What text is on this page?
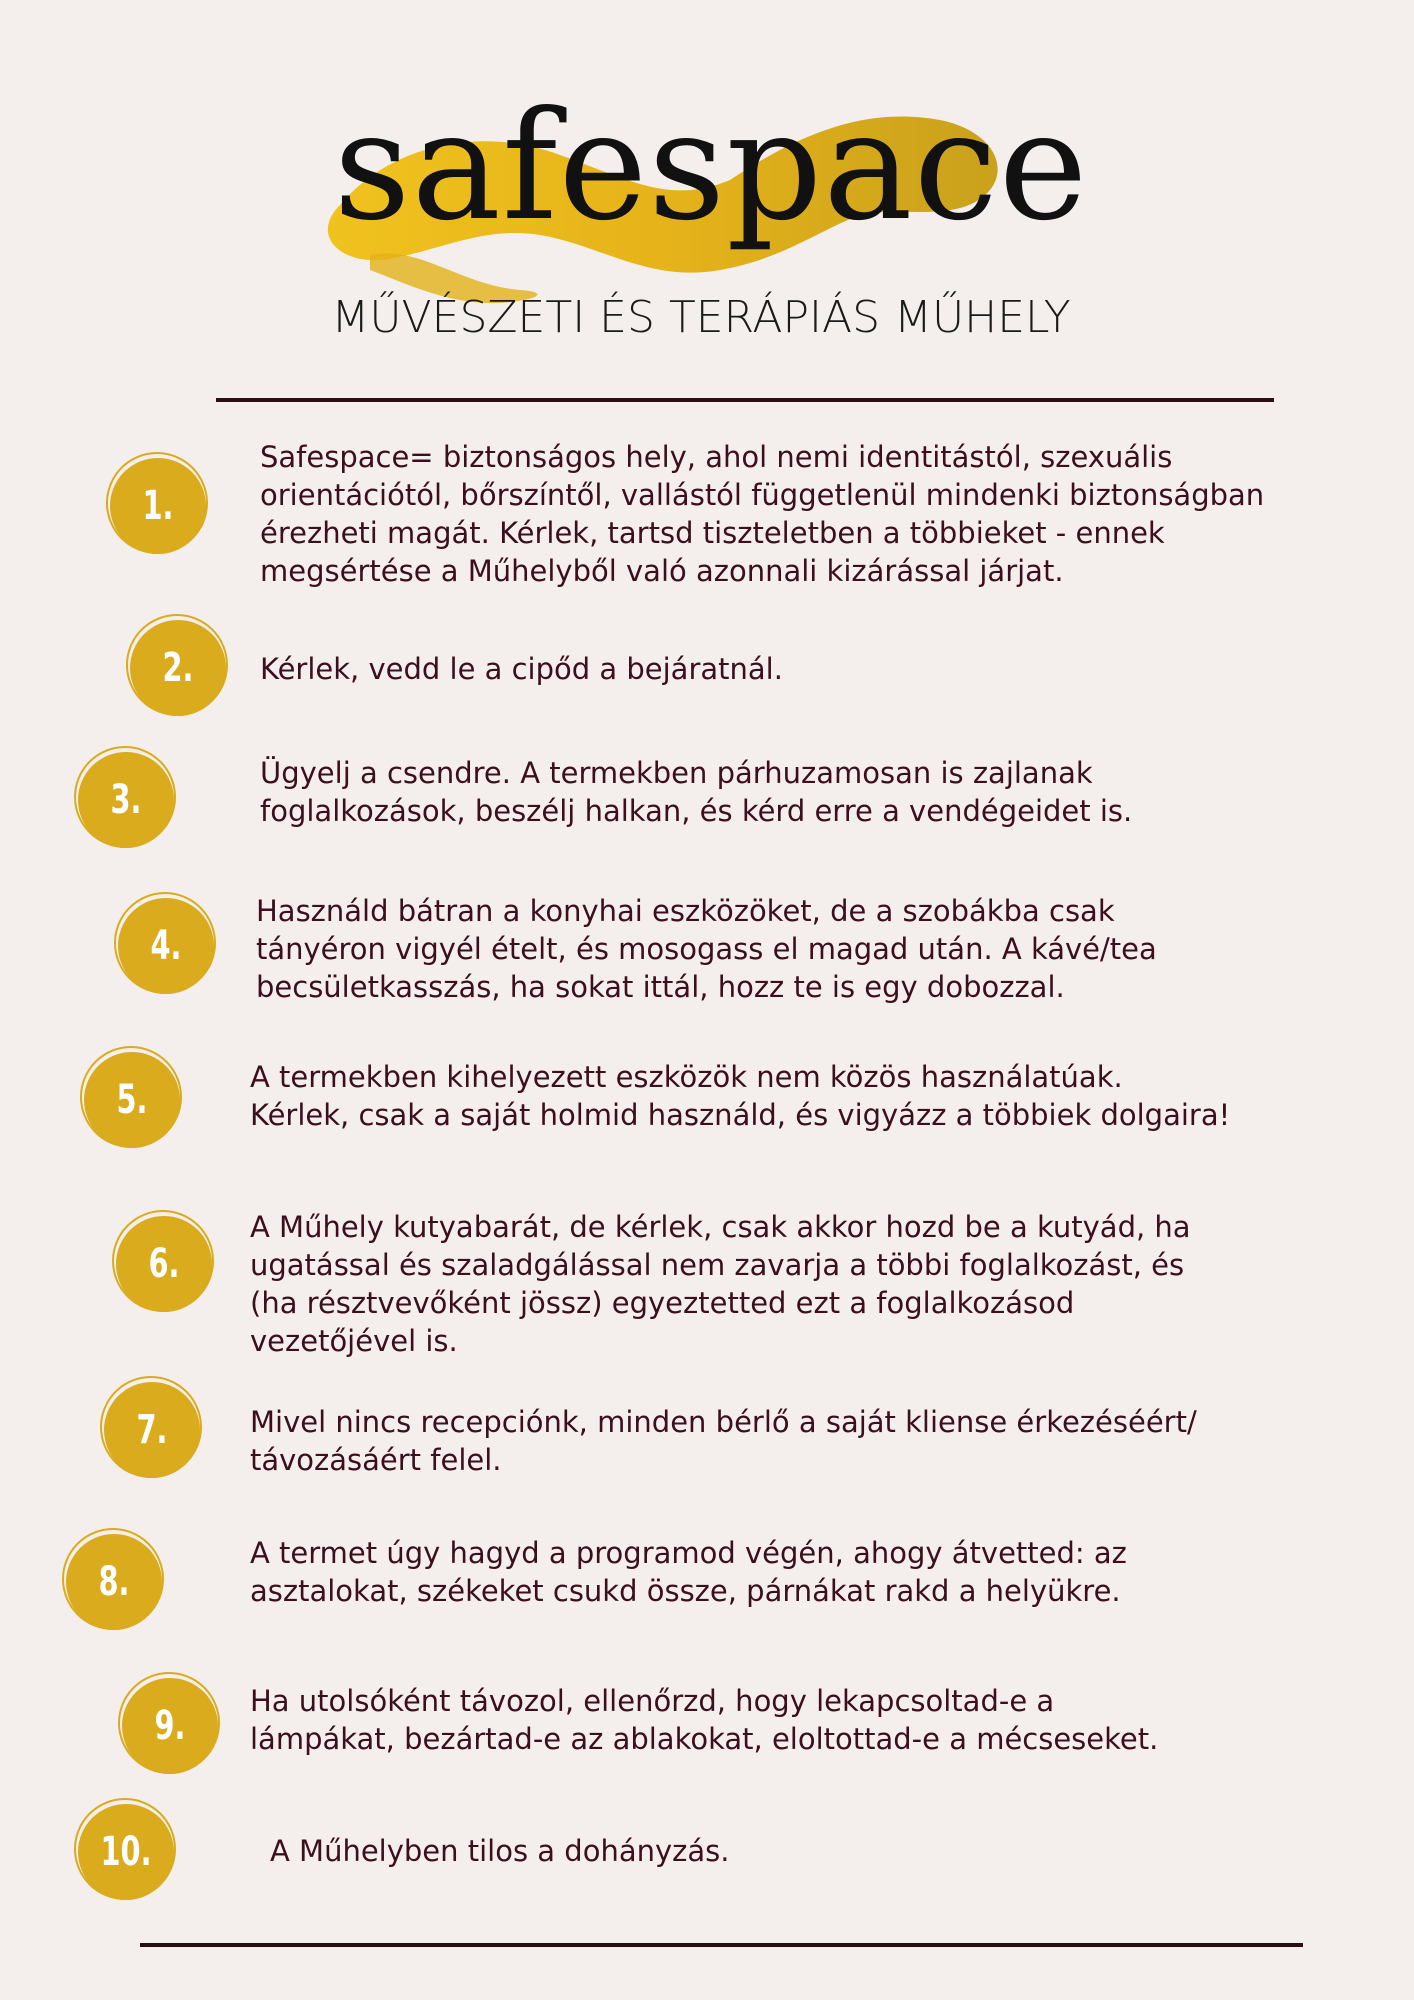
safespace
MŰVÉSZETI ÉS TERÁPIÁS MŰHELY
1.
Safespace= biztonságos hely, ahol nemi identitástól, szexuális
orientációtól, bőrszíntől, vallástól függetlenül mindenki biztonságban
érezheti magát. Kérlek, tartsd tiszteletben a többieket - ennek
megsértése a Műhelyből való azonnali kizárással járjat.
2.	Kérlek, vedd le a cipőd a bejáratnál.
3.
Ügyelj a csendre. A termekben párhuzamosan is zajlanak
foglalkozások, beszélj halkan, és kérd erre a vendégeidet is.
4.
Használd bátran a konyhai eszközöket, de a szobákba csak
tányéron vigyél ételt, és mosogass el magad után. A kávé/tea
becsületkasszás, ha sokat ittál, hozz te is egy dobozzal.
5.	A termekben kihelyezett eszközök nem közös használatúak.
Kérlek, csak a saját holmid használd, és vigyázz a többiek dolgaira!
6.
A Műhely kutyabarát, de kérlek, csak akkor hozd be a kutyád, ha
ugatással és szaladgálással nem zavarja a többi foglalkozást, és
(ha résztvevőként jössz) egyeztetted ezt a foglalkozásod
vezetőjével is.
7.	Mivel nincs recepciónk, minden bérlő a saját kliense érkezéséért/
távozásáért felel.
8.
A termet úgy hagyd a programod végén, ahogy átvetted: az
asztalokat, székeket csukd össze, párnákat rakd a helyükre.
9.
Ha utolsóként távozol, ellenőrzd, hogy lekapcsoltad-e a
lámpákat, bezártad-e az ablakokat, eloltottad-e a mécseseket.
10.	A Műhelyben tilos a dohányzás.
